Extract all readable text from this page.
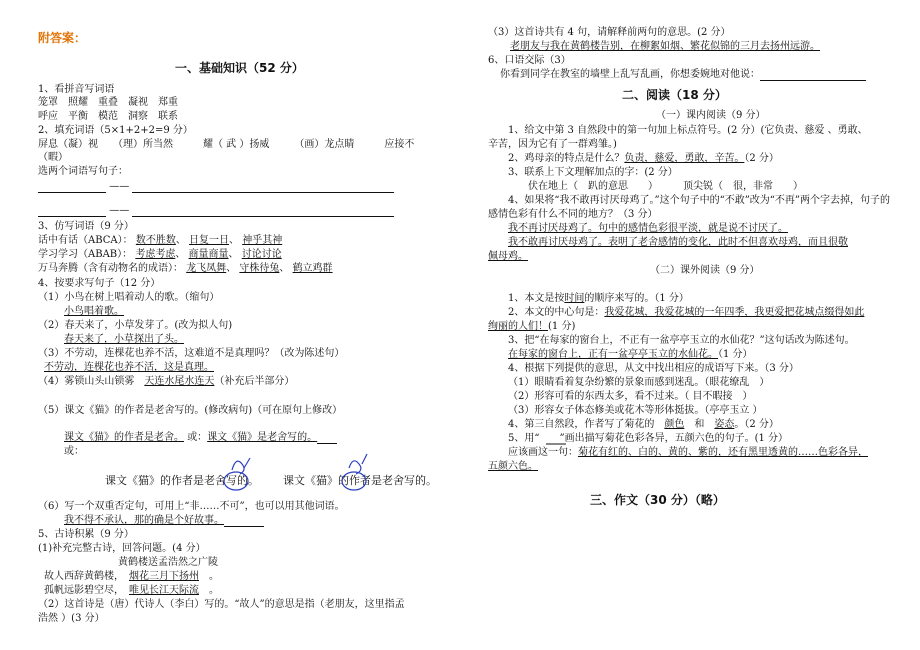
附答案：
一、基础知识（52 分）
1、看拼音写词语
笼罩　照耀　重叠　凝视　郑重
呼应　平衡　模范　洞察　联系
2、填充词语（5×1+2+2=9 分）
屏息（凝）视　　（理）所当然　　　耀（ 武 ）扬威　　　（画）龙点睛　　　应接不
（暇）
选两个词语写句子：
——
——
3、仿写词语（9 分）
话中有话（ABCA）： 数不胜数、 日复一日、 神乎其神
学习学习（ABAB）： 考虑考虑、 商量商量、 讨论讨论
万马奔腾（含有动物名的成语）： 龙飞凤舞、 守株待兔、 鹤立鸡群
4、按要求写句子（12 分）
（1）小鸟在树上唱着动人的歌。（缩句）
小鸟唱着歌。
（2）春天来了，小草发芽了。(改为拟人句)
春天来了，小草探出了头。
（3）不劳动，连棵花也养不活，这难道不是真理吗？（改为陈述句）
不劳动，连棵花也养不活，这是真理。
（4）雾锁山头山锁雾　天连水尾水连天（补充后半部分）
（5）课文《猫》的作者是老舍写的。(修改病句)（可在原句上修改）
课文《猫》的作者是老舍。 或：课文《猫》是老舍写的。
或：
课文《猫》的作者是老舍写的。 课文《猫》的作者是老舍写的。
（6）写一个双重否定句，可用上“非……不可”，也可以用其他词语。
我不得不承认，那的确是个好故事。
5、古诗积累（9 分）
(1)补充完整古诗，回答问题。(4 分）
黄鹤楼送孟浩然之广陵
故人西辞黄鹤楼，　 烟花三月下扬州　 。
孤帆远影碧空尽，　 唯见长江天际流　 。
（2）这首诗是（唐）代诗人（李白）写的。“故人”的意思是指（老朋友，这里指孟
浩然 ）(3 分）
（3）这首诗共有 4 句，请解释前两句的意思。(2 分）
老朋友与我在黄鹤楼告别，在柳絮如烟、繁花似锦的三月去扬州远游。
6、口语交际（3）
你看到同学在教室的墙壁上乱写乱画，你想委婉地对他说：
二、阅读（18 分）
（一）课内阅读（9 分）
1、给文中第 3 自然段中的第一句加上标点符号。(2 分）(它负责、慈爱 、勇敢、
辛苦，因为它有了一群鸡雏。)
2、鸡母亲的特点是什么？负责，慈爱，勇敢，辛苦。（2 分）
3、联系上下文理解加点的字：(2 分）
伏在地上（　趴的意思　　）　　　顶尖锐（　很，非常　　）
4、如果将“我不敢再讨厌母鸡了。”这个句子中的“不敢”改为“不再”两个字去掉，句子的
感情色彩有什么不同的地方？（3 分）
我不再讨厌母鸡了。句中的感情色彩很平淡，就是说不讨厌了。
我不敢再讨厌母鸡了。表明了老舍感情的变化，此时不但喜欢母鸡，而且很敬
佩母鸡。
（二）课外阅读（9 分）
1、本文是按时间的顺序来写的。（1 分）
2、本文的中心句是：我爱花城，我爱花城的一年四季，我更爱把花城点缀得如此
绚丽的人们！(1 分)
3、把“在每家的窗台上，不正有一盆亭亭玉立的水仙花？”这句话改为陈述句。
在每家的窗台上，正有一盆亭亭玉立的水仙花。（1 分）
4、根据下列提供的意思，从文中找出相应的成语写下来。（3 分）
（1）眼睛看着复杂纷繁的景象而感到迷乱。（眼花缭乱　）
（2）形容可看的东西太多，看不过来。（ 目不暇接　）
（3）形容女子体态修美或花木等形体挺拔。（亭亭玉立 ）
4、第三自然段，作者写了菊花的　 颜色　 和　 姿态。（2 分）
5、用“　　”画出描写菊花色彩各异，五颜六色的句子。(1 分）
应该画这一句：菊花有红的、白的、黄的、紫的，还有黑里透黄的……色彩各异，
五颜六色。
三、作文（30 分）（略）
